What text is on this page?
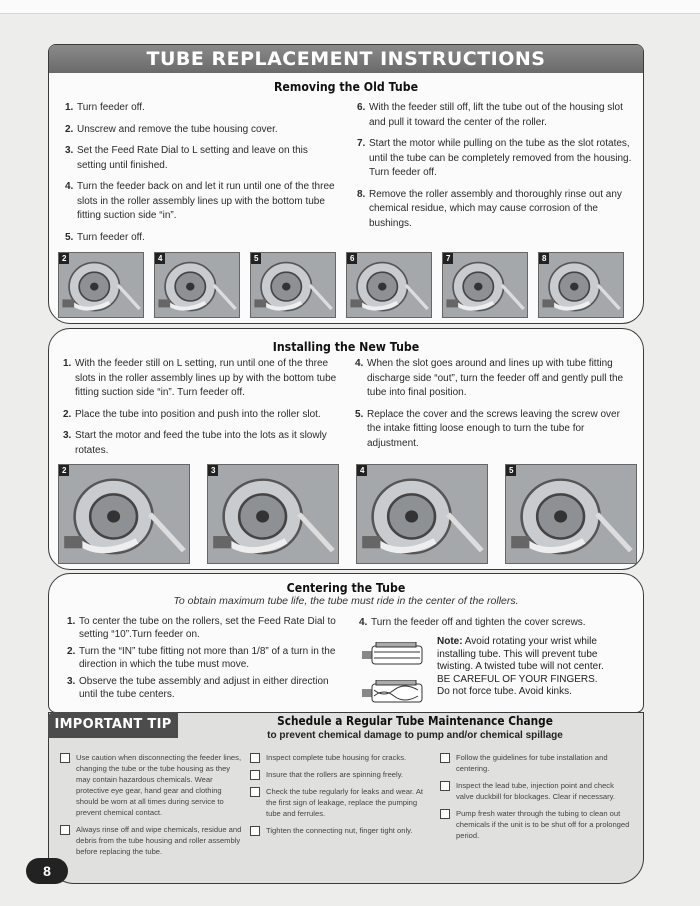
TUBE REPLACEMENT INSTRUCTIONS
Removing the Old Tube
1. Turn feeder off.
2. Unscrew and remove the tube housing cover.
3. Set the Feed Rate Dial to L setting and leave on this setting until finished.
4. Turn the feeder back on and let it run until one of the three slots in the roller assembly lines up with the bottom tube fitting suction side “in”.
5. Turn feeder off.
6. With the feeder still off, lift the tube out of the housing slot and pull it toward the center of the roller.
7. Start the motor while pulling on the tube as the slot rotates, until the tube can be completely removed from the housing. Turn feeder off.
8. Remove the roller assembly and thoroughly rinse out any chemical residue, which may cause corrosion of the bushings.
Installing the New Tube
1. With the feeder still on L setting, run until one of the three slots in the roller assembly lines up by with the bottom tube fitting suction side “in”. Turn feeder off.
2. Place the tube into position and push into the roller slot.
3. Start the motor and feed the tube into the lots as it slowly rotates.
4. When the slot goes around and lines up with tube fitting discharge side “out”, turn the feeder off and gently pull the tube into final position.
5. Replace the cover and the screws leaving the screw over the intake fitting loose enough to turn the tube for adjustment.
Centering the Tube
To obtain maximum tube life, the tube must ride in the center of the rollers.
1. To center the tube on the rollers, set the Feed Rate Dial to setting “10”.Turn feeder on.
2. Turn the “IN” tube fitting not more than 1/8” of a turn in the direction in which the tube must move.
3. Observe the tube assembly and adjust in either direction until the tube centers.
4. Turn the feeder off and tighten the cover screws.
Note: Avoid rotating your wrist while installing tube. This will prevent tube twisting. A twisted tube will not center.
BE CAREFUL OF YOUR FINGERS.
Do not force tube. Avoid kinks.
IMPORTANT TIP	Schedule a Regular Tube Maintenance Change
to prevent chemical damage to pump and/or chemical spillage
Use caution when disconnecting the feeder lines, changing the tube or the tube housing as they may contain hazardous chemicals. Wear protective eye gear, hand gear and clothing should be worn at all times during service to prevent chemical contact.
Always rinse off and wipe chemicals, residue and debris from the tube housing and roller assembly before replacing the tube.
Inspect complete tube housing for cracks.
Insure that the rollers are spinning freely.
Check the tube regularly for leaks and wear. At the first sign of leakage, replace the pumping tube and ferrules.
Tighten the connecting nut, finger tight only.
Follow the guidelines for tube installation and centering.
Inspect the lead tube, injection point and check valve duckbill for blockages. Clear if necessary.
Pump fresh water through the tubing to clean out chemicals if the unit is to be shut off for a prolonged period.
8
2	4	5	6	7	8
2	3	4	5
